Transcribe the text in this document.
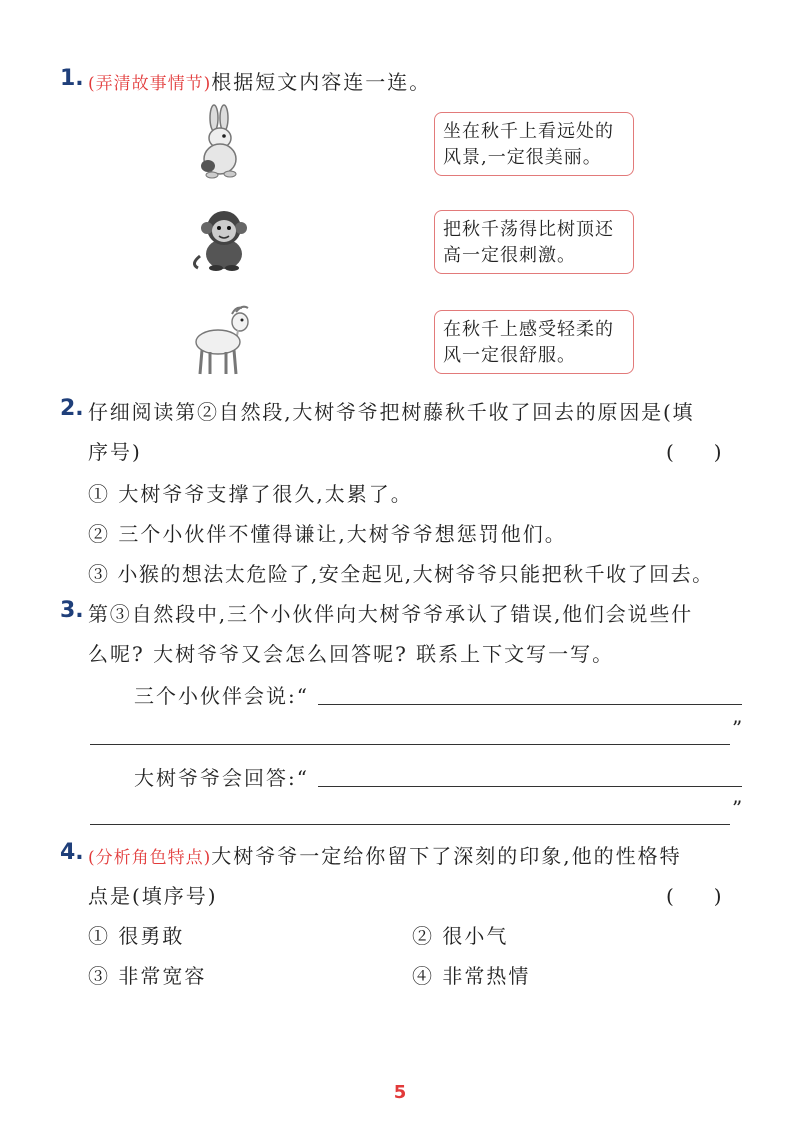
1. (弄清故事情节)根据短文内容连一连。
坐在秋千上看远处的
风景,一定很美丽。
把秋千荡得比树顶还
高一定很刺激。
在秋千上感受轻柔的
风一定很舒服。
2. 仔细阅读第②自然段,大树爷爷把树藤秋千收了回去的原因是(填
序号)	(　　)
① 大树爷爷支撑了很久,太累了。
② 三个小伙伴不懂得谦让,大树爷爷想惩罚他们。
③ 小猴的想法太危险了,安全起见,大树爷爷只能把秋千收了回去。
3. 第③自然段中,三个小伙伴向大树爷爷承认了错误,他们会说些什
么呢? 大树爷爷又会怎么回答呢? 联系上下文写一写。
三个小伙伴会说:“
”
大树爷爷会回答:“
”
4. (分析角色特点)大树爷爷一定给你留下了深刻的印象,他的性格特
点是(填序号)	(　　)
① 很勇敢	② 很小气
③ 非常宽容	④ 非常热情
5
